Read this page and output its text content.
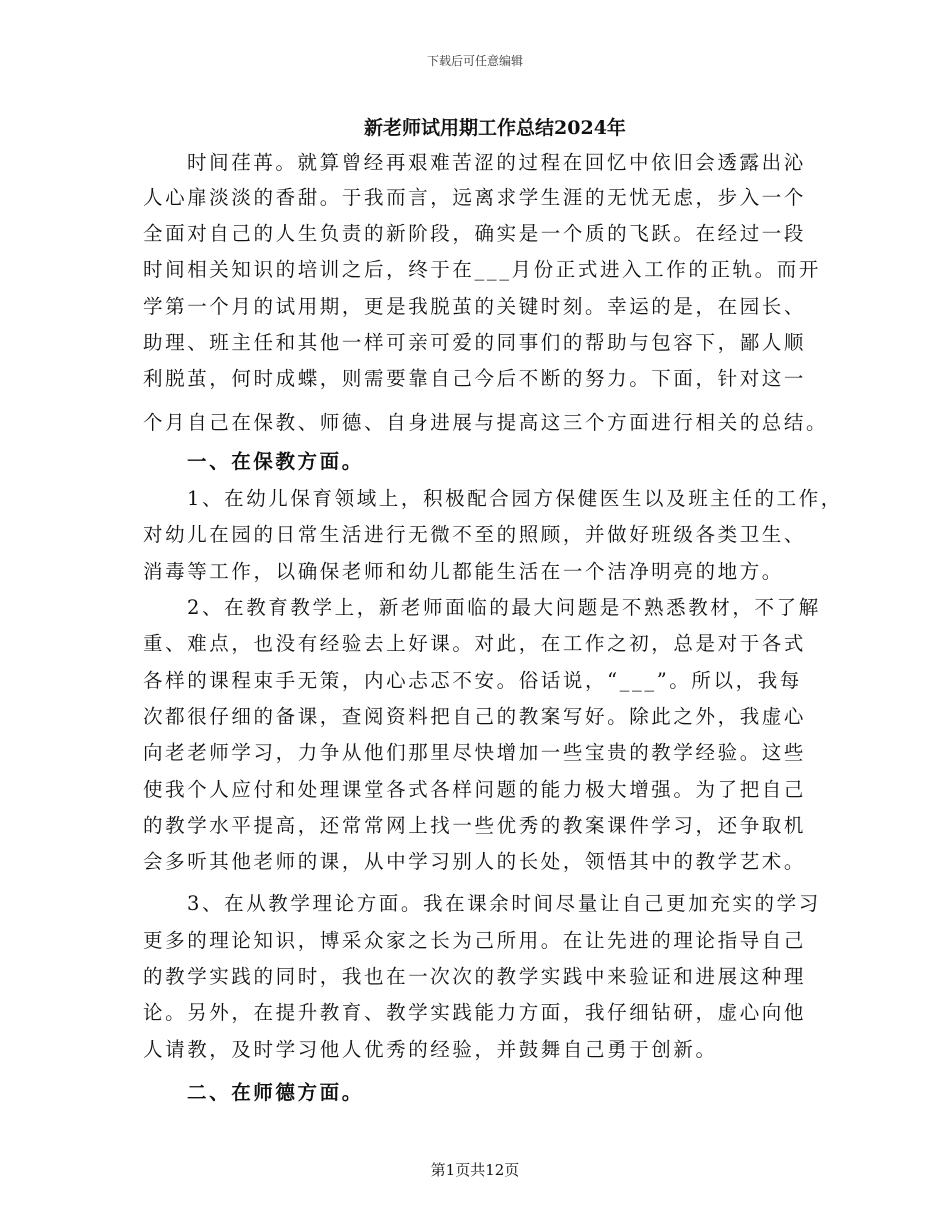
下载后可任意编辑
新老师试用期工作总结2024年
时间荏苒。就算曾经再艰难苦涩的过程在回忆中依旧会透露出沁
人心扉淡淡的香甜。于我而言，远离求学生涯的无忧无虑，步入一个
全面对自己的人生负责的新阶段，确实是一个质的飞跃。在经过一段
时间相关知识的培训之后，终于在___月份正式进入工作的正轨。而开
学第一个月的试用期，更是我脱茧的关键时刻。幸运的是，在园长、
助理、班主任和其他一样可亲可爱的同事们的帮助与包容下，鄙人顺
利脱茧，何时成蝶，则需要靠自己今后不断的努力。下面，针对这一
个月自己在保教、师德、自身进展与提高这三个方面进行相关的总结。
一、在保教方面。
1、在幼儿保育领域上，积极配合园方保健医生以及班主任的工作，
对幼儿在园的日常生活进行无微不至的照顾，并做好班级各类卫生、
消毒等工作，以确保老师和幼儿都能生活在一个洁净明亮的地方。
2、在教育教学上，新老师面临的最大问题是不熟悉教材，不了解
重、难点，也没有经验去上好课。对此，在工作之初，总是对于各式
各样的课程束手无策，内心忐忑不安。俗话说，“___”。所以，我每
次都很仔细的备课，查阅资料把自己的教案写好。除此之外，我虚心
向老老师学习，力争从他们那里尽快增加一些宝贵的教学经验。这些
使我个人应付和处理课堂各式各样问题的能力极大增强。为了把自己
的教学水平提高，还常常网上找一些优秀的教案课件学习，还争取机
会多听其他老师的课，从中学习别人的长处，领悟其中的教学艺术。
3、在从教学理论方面。我在课余时间尽量让自己更加充实的学习
更多的理论知识，博采众家之长为己所用。在让先进的理论指导自己
的教学实践的同时，我也在一次次的教学实践中来验证和进展这种理
论。另外，在提升教育、教学实践能力方面，我仔细钻研，虚心向他
人请教，及时学习他人优秀的经验，并鼓舞自己勇于创新。
二、在师德方面。
第1页共12页
